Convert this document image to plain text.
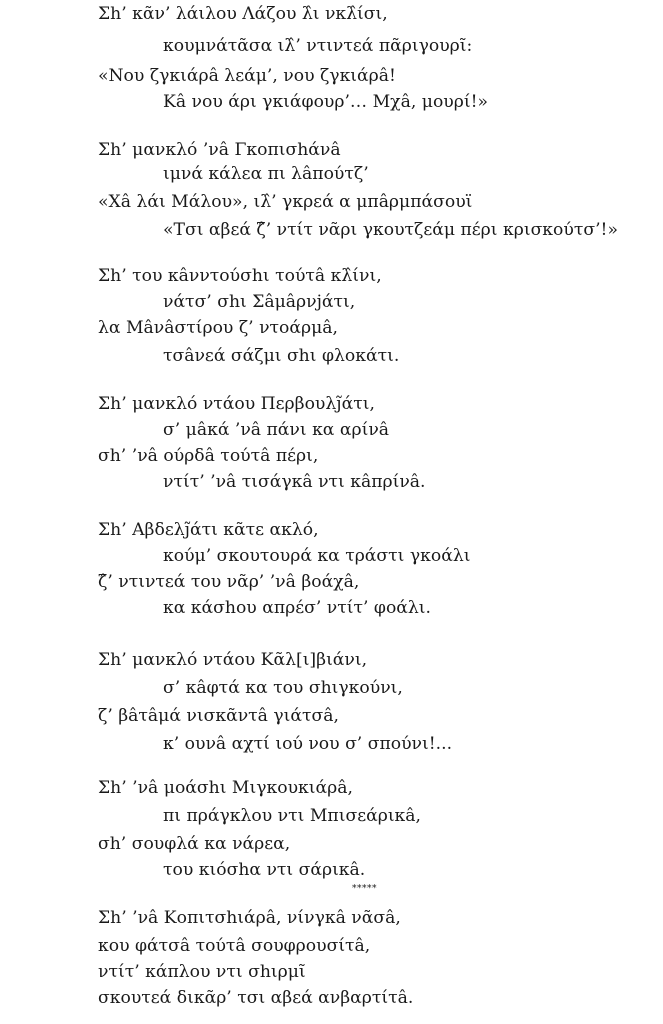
Σh’ κᾶν’ λάιλου Λάζου λ̂ι νκλ̂ίσι,
κουμνάτᾶσα ιλ̂’ ντιντεά πᾶριγουρῖ:
«Νου ζγκιάρâ λεάμ’, νου ζγκιάρâ!
Κâ νου άρι γκιάφουρ’… Μχâ, μουρί!»
Σh’ μανκλό ’νâ Γκοπισhάνâ
ιμνά κάλεα πι λâπούτζ’
«Χâ λάι Μάλου», ιλ̂’ γκρεά α μπâρμπάσουϊ
«Τσι αβεά ζ̂’ ντίτ νᾶρι γκουτζεάμ πέρι κρισκούτσ’!»
Σh’ του κâνντούσhι τούτâ κλ̂ίνι,
νάτσ’ σhι Σâμâρνjάτι,
λα Μâνâστίρου ζ’ ντοάρμâ,
τσâνεά σάζμι σhι φλοκάτι.
Σh’ μανκλό ντάου Περβουλj̃άτι,
σ’ μâκά ’νâ πάνι κα αρίνâ
σh’ ’νâ ούρδâ τούτâ πέρι,
ντίτ’ ’νâ τισάγκâ ντι κâπρίνâ.
Σh’ Αβδελj̃άτι κᾶτε ακλό,
κούμ’ σκουτουρά κα τράστι γκοάλι
ζ̂’ ντιντεά του νᾶρ’ ’νâ βοάχâ,
κα κάσhου απρέσ’ ντίτ’ φοάλι.
Σh’ μανκλό ντάου Κᾶλ[ι]βιάνι,
σ’ κâφτά κα του σhιγκούνι,
ζ’ βâτâμά νισκᾶντâ γιάτσâ,
κ’ ουνâ αχτί ιού νου σ’ σπούνι!...
Σh’ ’νâ μοάσhι Μιγκουκιάρâ,
πι πράγκλου ντι Μπισεάρικâ,
σh’ σουφλά κα νάρεα,
του κιόσhα ντι σάρικâ.
*****
Σh’ ’νâ Κοπιτσhιάρâ, νίνγκâ νᾶσâ,
κου φάτσâ τούτâ σουφρουσίτâ,
ντίτ’ κάπλου ντι σhιρμῖ
σκουτεά δικᾶρ’ τσι αβεά ανβαρτίτâ.
